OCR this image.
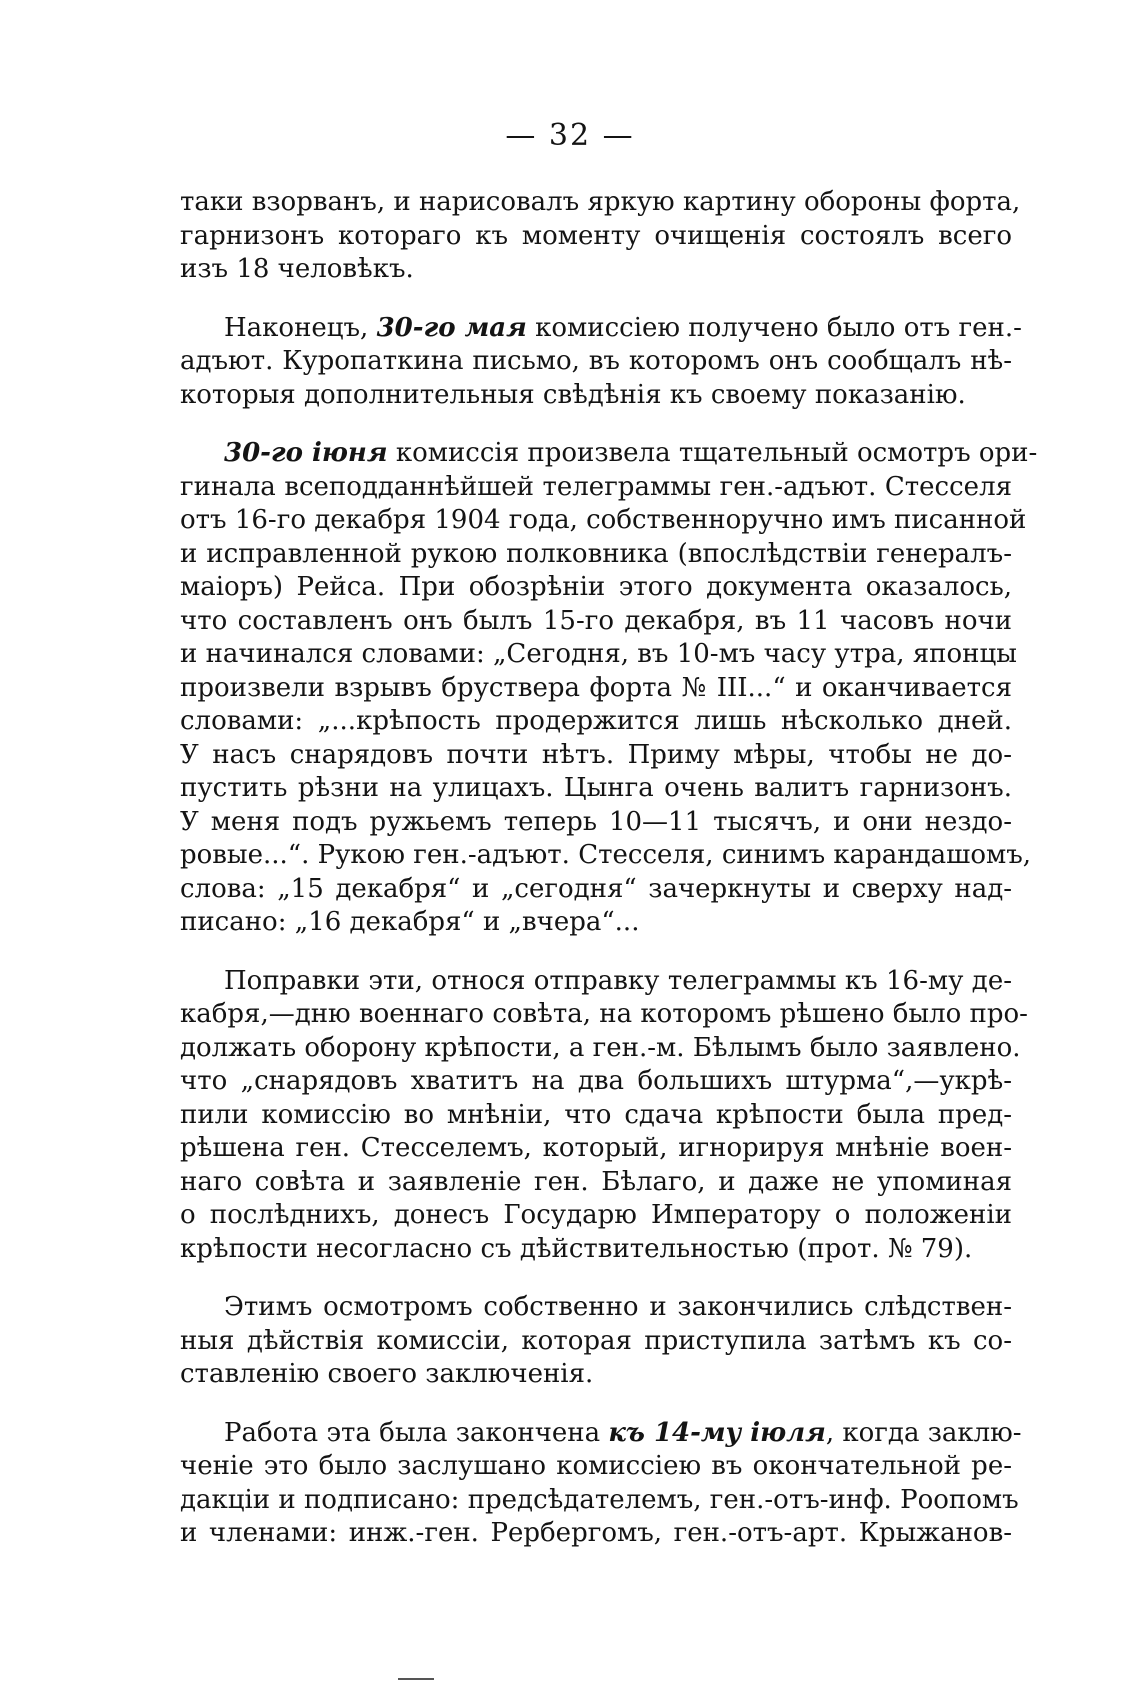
— 32 —

таки взорванъ, и нарисовалъ яркую картину обороны форта,
гарнизонъ котораго къ моменту очищенія состоялъ всего
изъ 18 человѣкъ.

Наконецъ, 30-го мая комиссіею получено было отъ ген.-
адъют. Куропаткина письмо, въ которомъ онъ сообщалъ нѣ-
которыя дополнительныя свѣдѣнія къ своему показанію.

30-го іюня комиссія произвела тщательный осмотръ ори-
гинала всеподданнѣйшей телеграммы ген.-адъют. Стесселя
отъ 16-го декабря 1904 года, собственноручно имъ писанной
и исправленной рукою полковника (впослѣдствіи генералъ-
маіоръ) Рейса. При обозрѣніи этого документа оказалось,
что составленъ онъ былъ 15-го декабря, въ 11 часовъ ночи
и начинался словами: „Сегодня, въ 10-мъ часу утра, японцы
произвели взрывъ бруствера форта № III...“ и оканчивается
словами: „...крѣпость продержится лишь нѣсколько дней.
У насъ снарядовъ почти нѣтъ. Приму мѣры, чтобы не до-
пустить рѣзни на улицахъ. Цынга очень валитъ гарнизонъ.
У меня подъ ружьемъ теперь 10—11 тысячъ, и они нездо-
ровые...“. Рукою ген.-адъют. Стесселя, синимъ карандашомъ,
слова: „15 декабря“ и „сегодня“ зачеркнуты и сверху над-
писано: „16 декабря“ и „вчера“...

Поправки эти, относя отправку телеграммы къ 16-му де-
кабря,—дню военнаго совѣта, на которомъ рѣшено было про-
должать оборону крѣпости, а ген.-м. Бѣлымъ было заявлено.
что „снарядовъ хватитъ на два большихъ штурма“,—укрѣ-
пили комиссію во мнѣніи, что сдача крѣпости была пред-
рѣшена ген. Стесселемъ, который, игнорируя мнѣніе воен-
наго совѣта и заявленіе ген. Бѣлаго, и даже не упоминая
о послѣднихъ, донесъ Государю Императору о положеніи
крѣпости несогласно съ дѣйствительностью (прот. № 79).

Этимъ осмотромъ собственно и закончились слѣдствен-
ныя дѣйствія комиссіи, которая приступила затѣмъ къ со-
ставленію своего заключенія.

Работа эта была закончена къ 14-му іюля, когда заклю-
ченіе это было заслушано комиссіею въ окончательной ре-
дакціи и подписано: предсѣдателемъ, ген.-отъ-инф. Роопомъ
и членами: инж.-ген. Рербергомъ, ген.-отъ-арт. Крыжанов-
